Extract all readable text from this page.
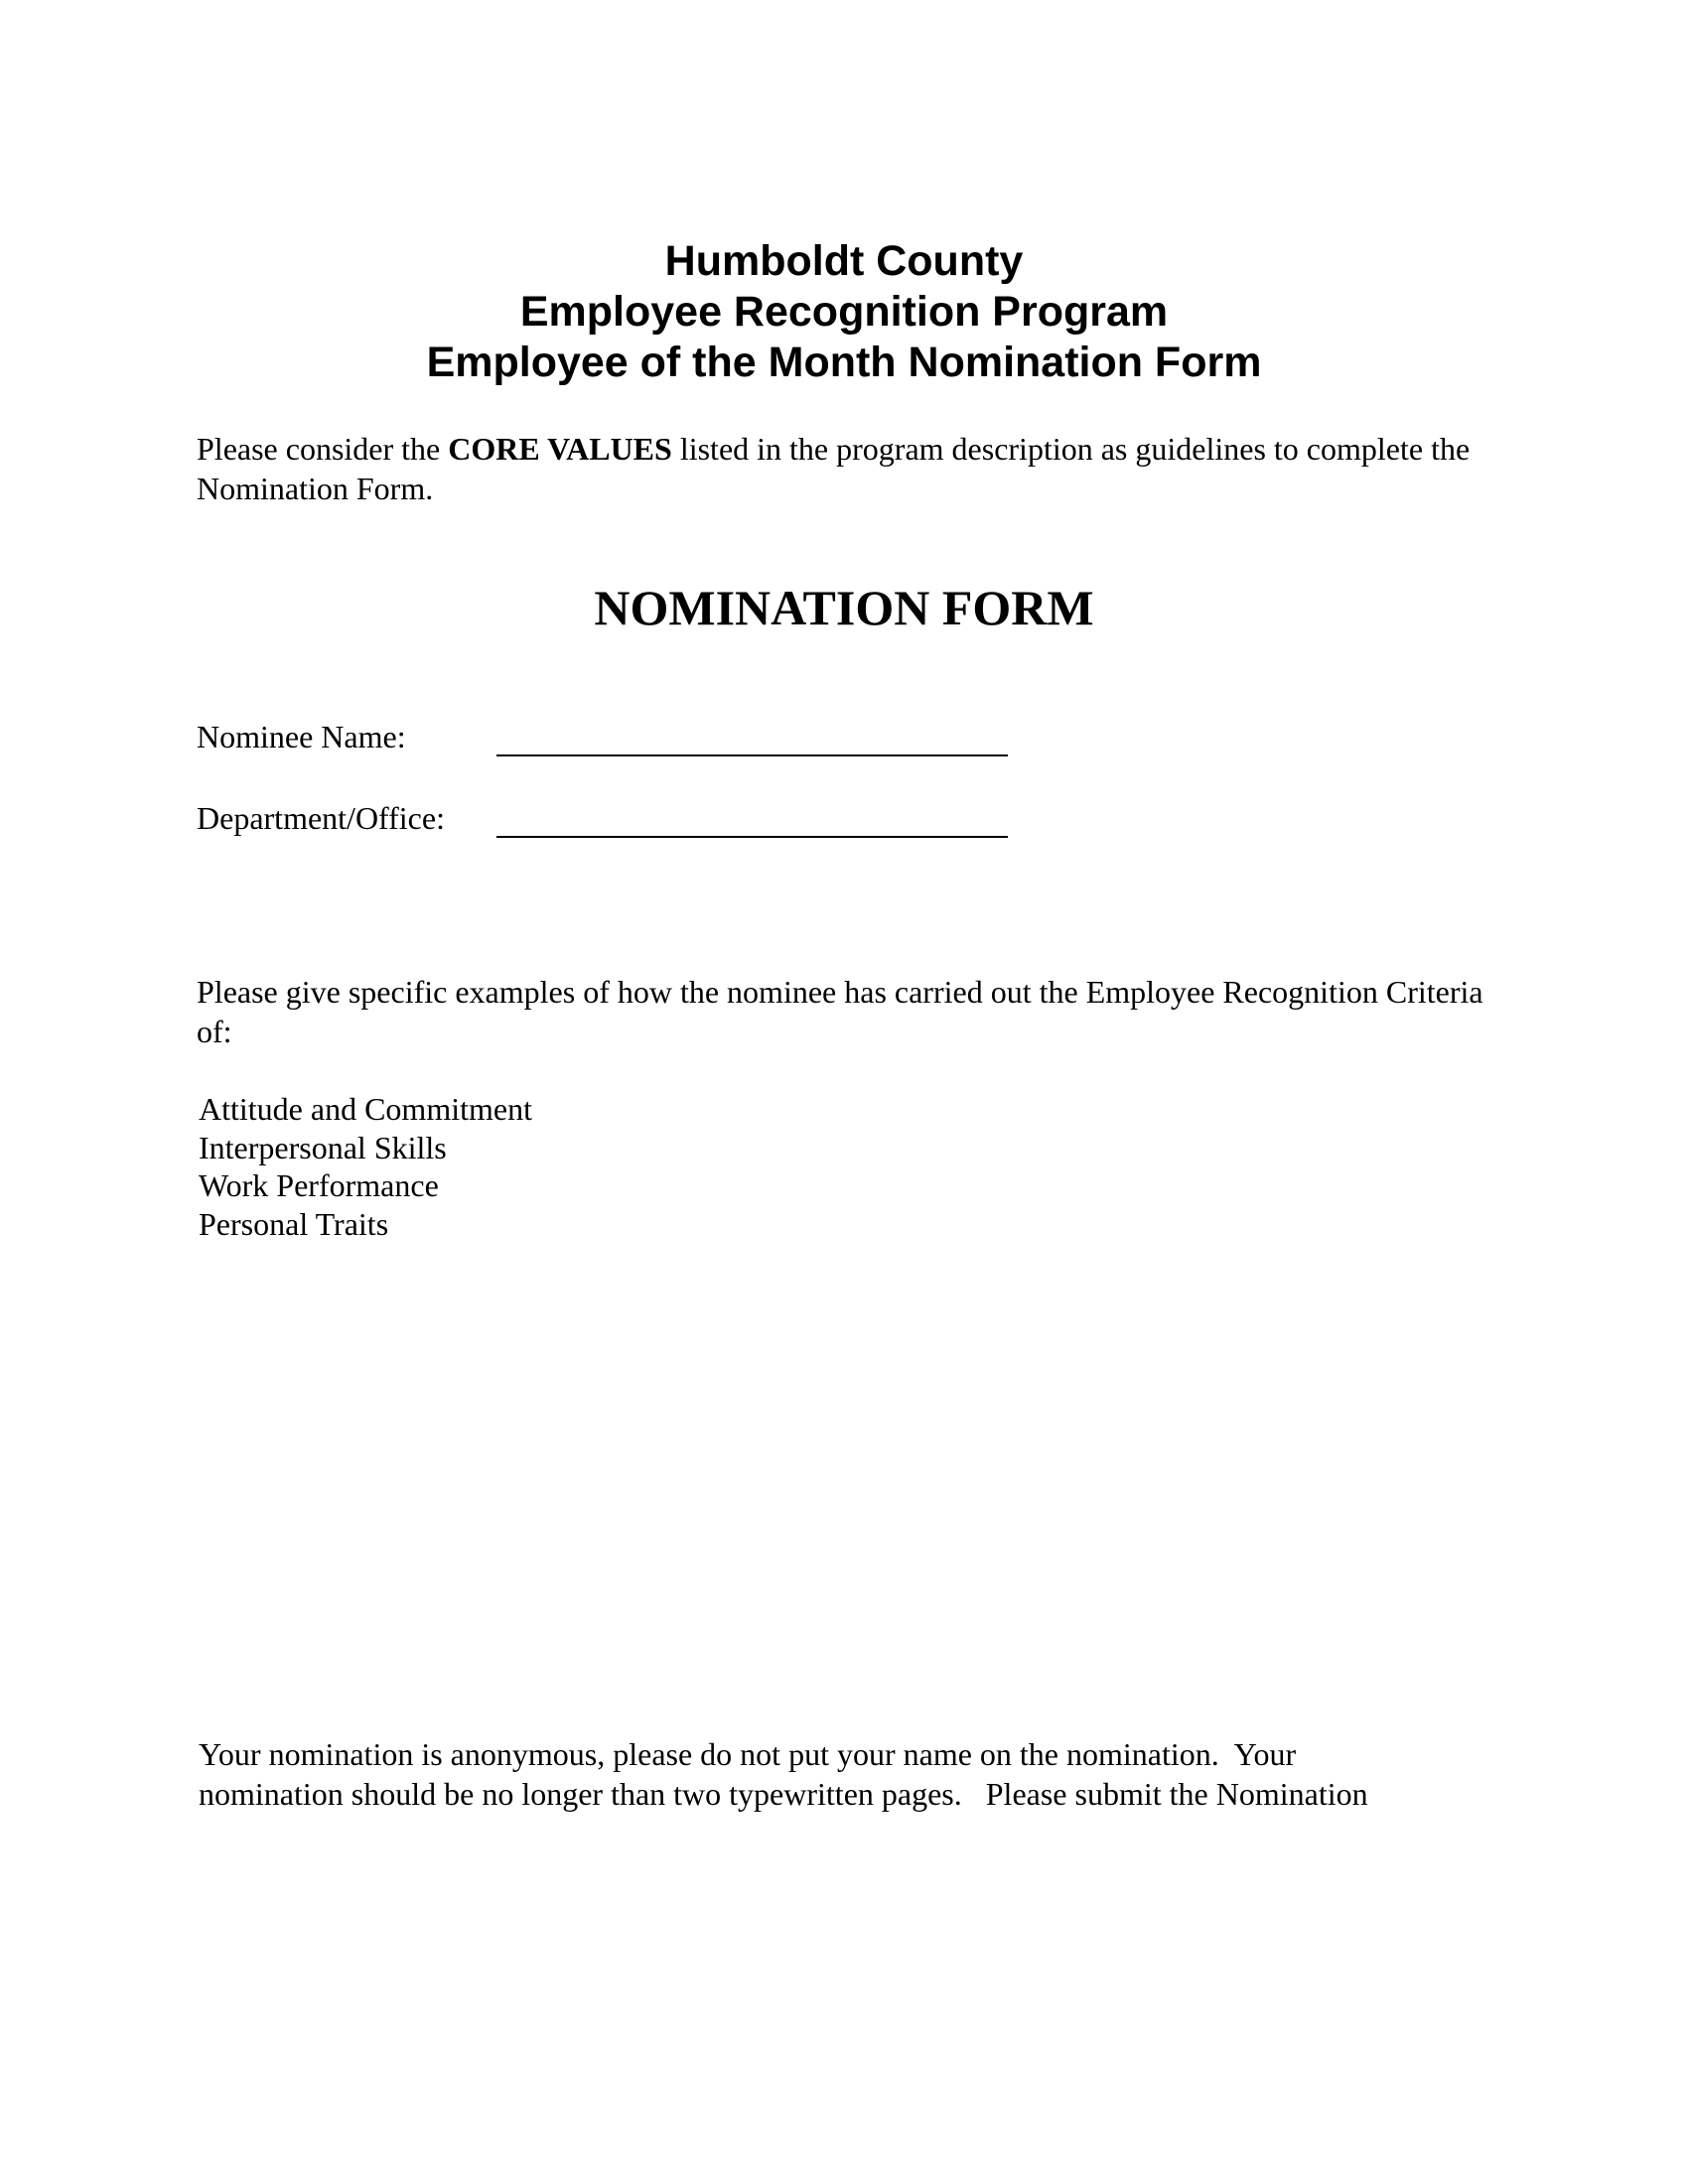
Humboldt County
Employee Recognition Program
Employee of the Month Nomination Form
Please consider the CORE VALUES listed in the program description as guidelines to complete the Nomination Form.
NOMINATION FORM
Nominee Name:
Department/Office:
Please give specific examples of how the nominee has carried out the Employee Recognition Criteria of:
Attitude and Commitment
Interpersonal Skills
Work Performance
Personal Traits
Your nomination is anonymous, please do not put your name on the nomination.  Your
nomination should be no longer than two typewritten pages.   Please submit the Nomination
